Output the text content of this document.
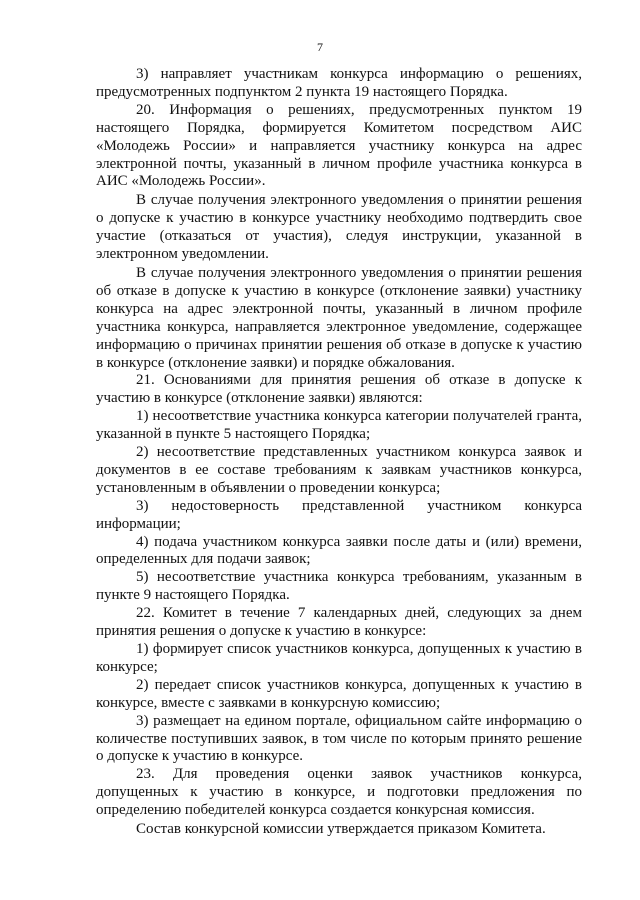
7

3) направляет участникам конкурса информацию о решениях, предусмотренных подпунктом 2 пункта 19 настоящего Порядка.

20. Информация о решениях, предусмотренных пунктом 19 настоящего Порядка, формируется Комитетом посредством АИС «Молодежь России» и направляется участнику конкурса на адрес электронной почты, указанный в личном профиле участника конкурса в АИС «Молодежь России».

В случае получения электронного уведомления о принятии решения о допуске к участию в конкурсе участнику необходимо подтвердить свое участие (отказаться от участия), следуя инструкции, указанной в электронном уведомлении.

В случае получения электронного уведомления о принятии решения об отказе в допуске к участию в конкурсе (отклонение заявки) участнику конкурса на адрес электронной почты, указанный в личном профиле участника конкурса, направляется электронное уведомление, содержащее информацию о причинах принятии решения об отказе в допуске к участию в конкурсе (отклонение заявки) и порядке обжалования.

21. Основаниями для принятия решения об отказе в допуске к участию в конкурсе (отклонение заявки) являются:

1) несоответствие участника конкурса категории получателей гранта, указанной в пункте 5 настоящего Порядка;

2) несоответствие представленных участником конкурса заявок и документов в ее составе требованиям к заявкам участников конкурса, установленным в объявлении о проведении конкурса;

3) недостоверность представленной участником конкурса информации;

4) подача участником конкурса заявки после даты и (или) времени, определенных для подачи заявок;

5) несоответствие участника конкурса требованиям, указанным в пункте 9 настоящего Порядка.

22. Комитет в течение 7 календарных дней, следующих за днем принятия решения о допуске к участию в конкурсе:

1) формирует список участников конкурса, допущенных к участию в конкурсе;

2) передает список участников конкурса, допущенных к участию в конкурсе, вместе с заявками в конкурсную комиссию;

3) размещает на едином портале, официальном сайте информацию о количестве поступивших заявок, в том числе по которым принято решение о допуске к участию в конкурсе.

23. Для проведения оценки заявок участников конкурса, допущенных к участию в конкурсе, и подготовки предложения по определению победителей конкурса создается конкурсная комиссия.

Состав конкурсной комиссии утверждается приказом Комитета.
